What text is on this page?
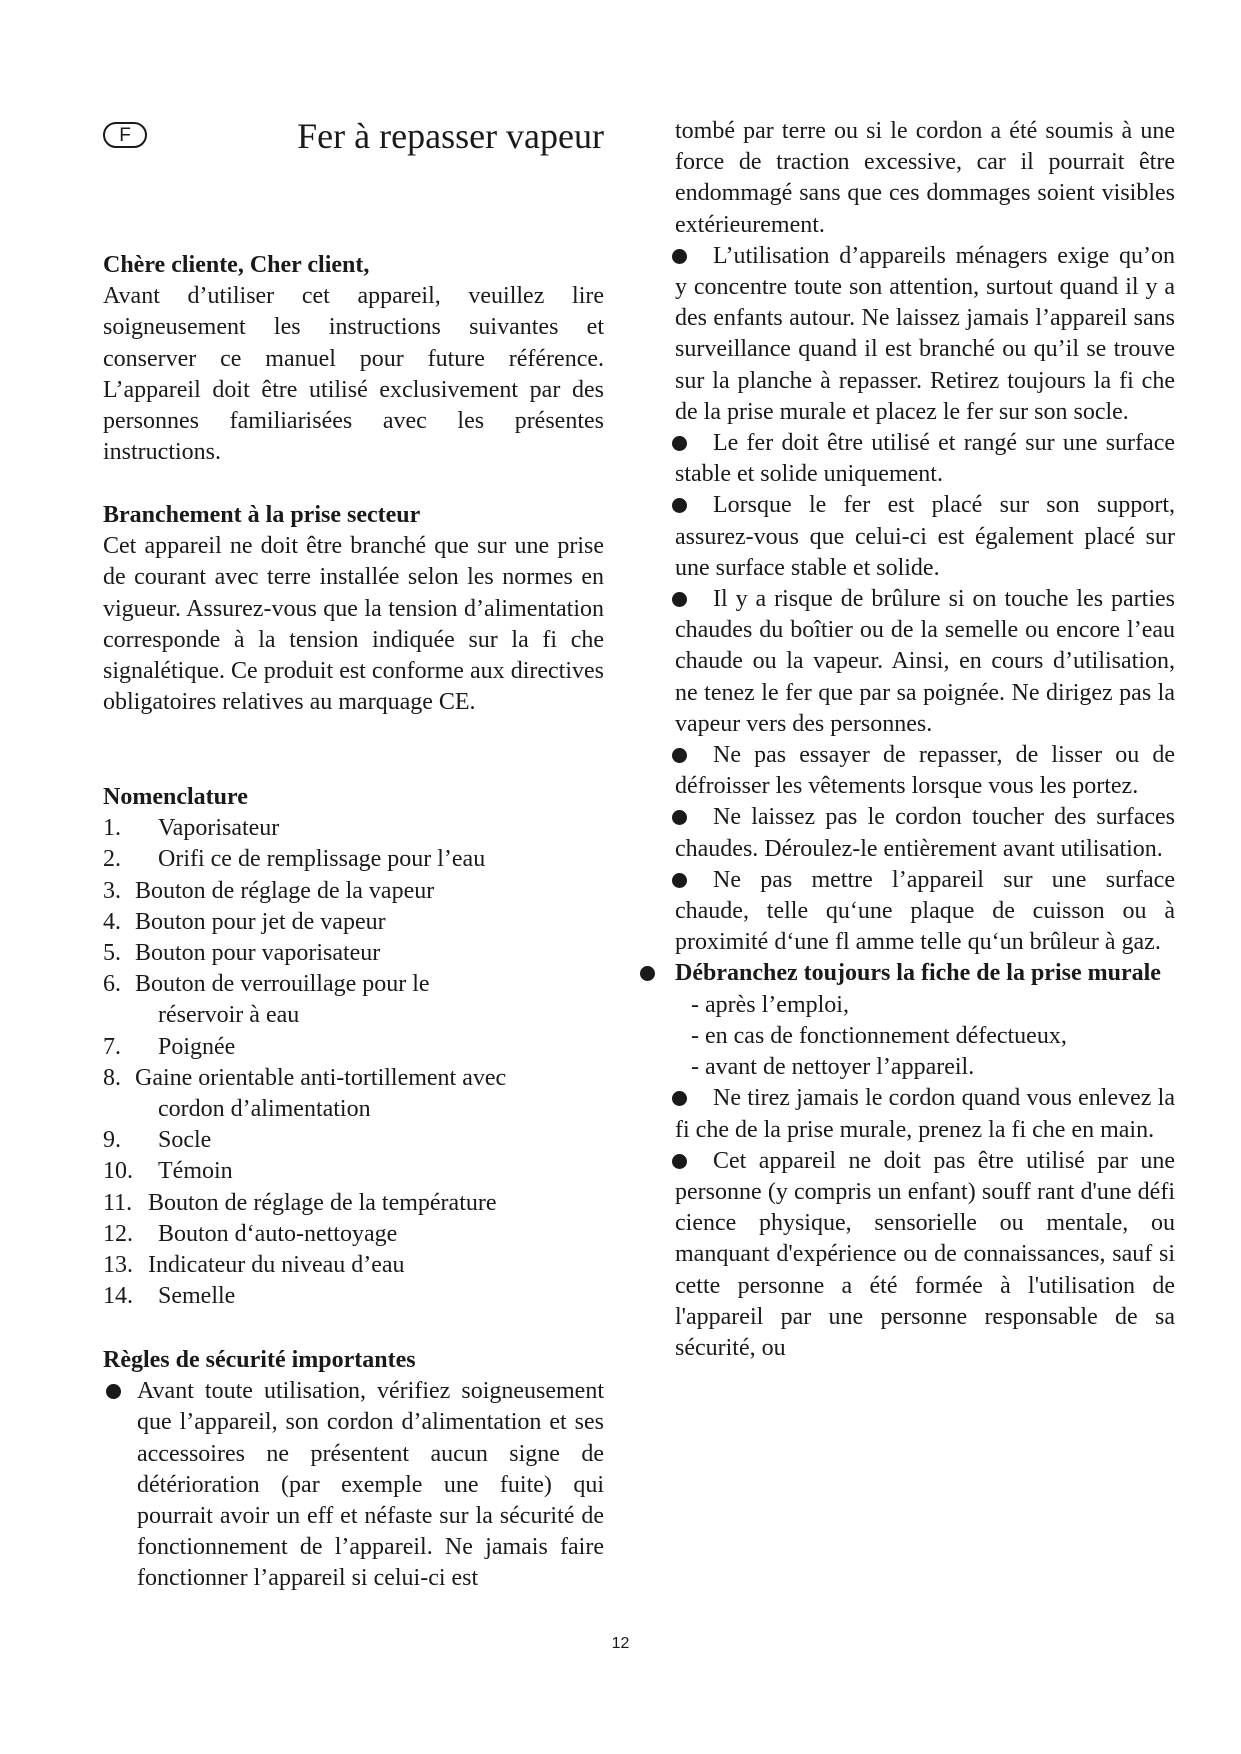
F	Fer à repasser vapeur
Chère cliente, Cher client,
Avant d’utiliser cet appareil, veuillez lire soigneusement les instructions suivantes et conserver ce manuel pour future référence. L’appareil doit être utilisé exclusivement par des personnes familiarisées avec les présentes instructions.
Branchement à la prise secteur
Cet appareil ne doit être branché que sur une prise de courant avec terre installée selon les normes en vigueur. Assurez-vous que la tension d’alimentation corresponde à la tension indiquée sur la fi che signalétique. Ce produit est conforme aux directives obligatoires relatives au marquage CE.
Nomenclature
1. Vaporisateur
2. Orifi ce de remplissage pour l’eau
3. Bouton de réglage de la vapeur
4. Bouton pour jet de vapeur
5. Bouton pour vaporisateur
6. Bouton de verrouillage pour le
réservoir à eau
7. Poignée
8. Gaine orientable anti-tortillement avec
cordon d’alimentation
9. Socle
10. Témoin
11. Bouton de réglage de la température
12. Bouton d‘auto-nettoyage
13. Indicateur du niveau d’eau
14. Semelle
Règles de sécurité importantes
Avant toute utilisation, vérifiez soigneusement que l’appareil, son cordon d’alimentation et ses accessoires ne présentent aucun signe de détérioration (par exemple une fuite) qui pourrait avoir un eff et néfaste sur la sécurité de fonctionnement de l’appareil. Ne jamais faire fonctionner l’appareil si celui-ci est
tombé par terre ou si le cordon a été soumis à une force de traction excessive, car il pourrait être endommagé sans que ces dommages soient visibles extérieurement.
L’utilisation d’appareils ménagers exige qu’on y concentre toute son attention, surtout quand il y a des enfants autour. Ne laissez jamais l’appareil sans surveillance quand il est branché ou qu’il se trouve sur la planche à repasser. Retirez toujours la fi che de la prise murale et placez le fer sur son socle.
Le fer doit être utilisé et rangé sur une surface stable et solide uniquement.
Lorsque le fer est placé sur son support, assurez-vous que celui-ci est également placé sur une surface stable et solide.
Il y a risque de brûlure si on touche les parties chaudes du boîtier ou de la semelle ou encore l’eau chaude ou la vapeur. Ainsi, en cours d’utilisation, ne tenez le fer que par sa poignée. Ne dirigez pas la vapeur vers des personnes.
Ne pas essayer de repasser, de lisser ou de défroisser les vêtements lorsque vous les portez.
Ne laissez pas le cordon toucher des surfaces chaudes. Déroulez-le entièrement avant utilisation.
Ne pas mettre l’appareil sur une surface chaude, telle qu‘une plaque de cuisson ou à proximité d‘une fl amme telle qu‘un brûleur à gaz.
Débranchez toujours la fiche de la prise murale
- après l’emploi,
- en cas de fonctionnement défectueux,
- avant de nettoyer l’appareil.
Ne tirez jamais le cordon quand vous enlevez la fi che de la prise murale, prenez la fi che en main.
Cet appareil ne doit pas être utilisé par une personne (y compris un enfant) souff rant d'une défi cience physique, sensorielle ou mentale, ou manquant d'expérience ou de connaissances, sauf si cette personne a été formée à l'utilisation de l'appareil par une personne responsable de sa sécurité, ou
12
